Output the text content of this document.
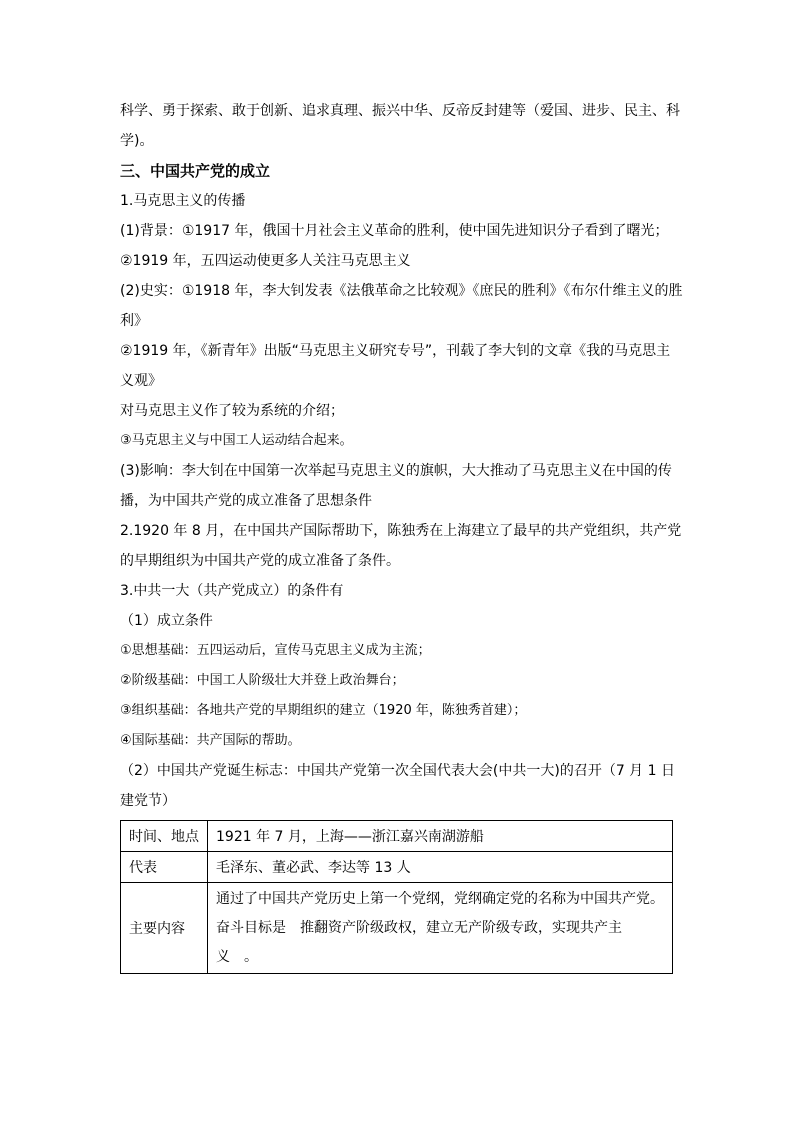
科学、勇于探索、敢于创新、追求真理、振兴中华、反帝反封建等（爱国、进步、民主、科
学)。
三、中国共产党的成立
1.马克思主义的传播
(1)背景：①1917 年，俄国十月社会主义革命的胜利，使中国先进知识分子看到了曙光；
②1919 年，五四运动使更多人关注马克思主义
(2)史实：①1918 年，李大钊发表《法俄革命之比较观》《庶民的胜利》《布尔什维主义的胜
利》
②1919 年，《新青年》出版“马克思主义研究专号”，刊载了李大钊的文章《我的马克思主
义观》
对马克思主义作了较为系统的介绍；
③马克思主义与中国工人运动结合起来。
(3)影响：李大钊在中国第一次举起马克思主义的旗帜，大大推动了马克思主义在中国的传
播，为中国共产党的成立准备了思想条件
2.1920 年 8 月，在中国共产国际帮助下，陈独秀在上海建立了最早的共产党组织，共产党
的早期组织为中国共产党的成立准备了条件。
3.中共一大（共产党成立）的条件有
（1）成立条件
①思想基础：五四运动后，宣传马克思主义成为主流；
②阶级基础：中国工人阶级壮大并登上政治舞台；
③组织基础：各地共产党的早期组织的建立（1920 年，陈独秀首建）；
④国际基础：共产国际的帮助。
（2）中国共产党诞生标志：中国共产党第一次全国代表大会(中共一大)的召开（7 月 1 日
建党节）
时间、地点	1921 年 7 月，上海——浙江嘉兴南湖游船
代表	毛泽东、董必武、李达等 13 人
主要内容	通过了中国共产党历史上第一个党纲，党纲确定党的名称为中国共产党。
奋斗目标是　推翻资产阶级政权，建立无产阶级专政，实现共产主
义　。
